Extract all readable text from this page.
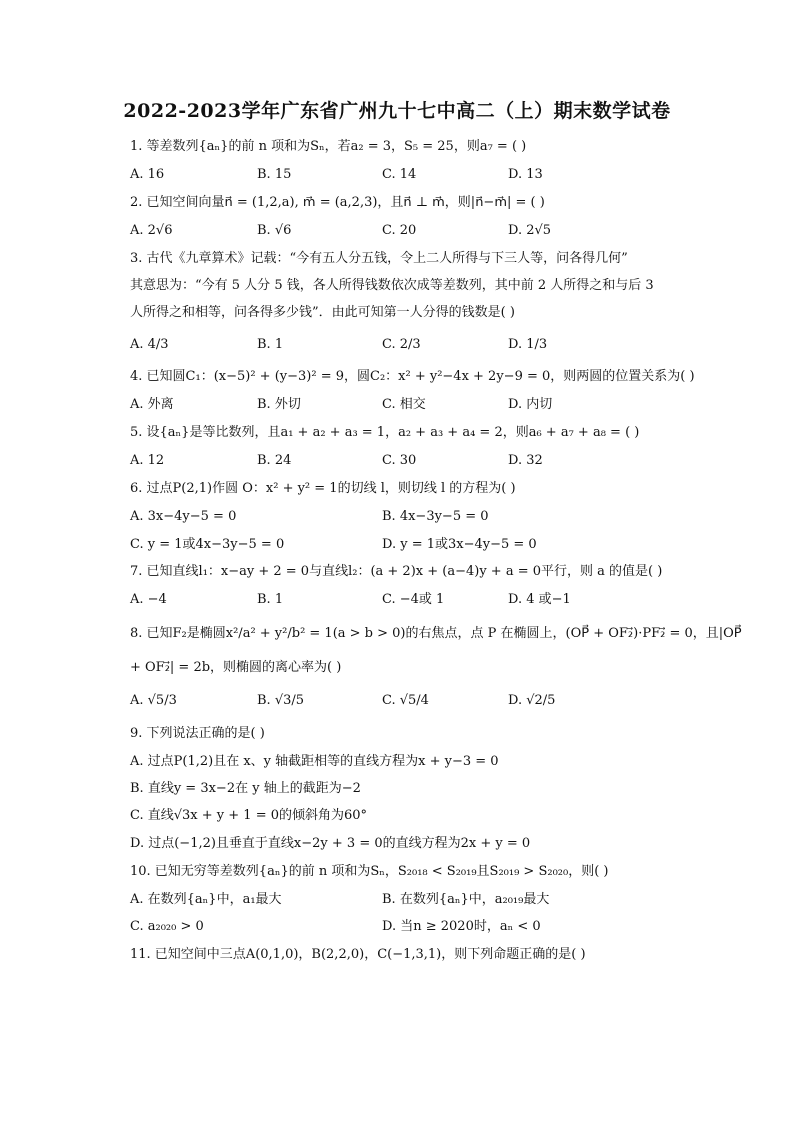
2022-2023学年广东省广州九十七中高二（上）期末数学试卷
1. 等差数列{aₙ}的前 n 项和为Sₙ，若a₂ = 3，S₅ = 25，则a₇ = ( )
A. 16	B. 15	C. 14	D. 13
2. 已知空间向量n⃗ = (1,2,a), m⃗ = (a,2,3)，且n⃗ ⊥ m⃗，则|n⃗−m⃗| = ( )
A. 2√6	B. √6	C. 20	D. 2√5
3. 古代《九章算术》记载：“今有五人分五钱，令上二人所得与下三人等，问各得几何”
其意思为：“今有 5 人分 5 钱，各人所得钱数依次成等差数列，其中前 2 人所得之和与后 3
人所得之和相等，问各得多少钱”．由此可知第一人分得的钱数是( )
A. 4/3	B. 1	C. 2/3	D. 1/3
4. 已知圆C₁：(x−5)² + (y−3)² = 9，圆C₂：x² + y²−4x + 2y−9 = 0，则两圆的位置关系为( )
A. 外离	B. 外切	C. 相交	D. 内切
5. 设{aₙ}是等比数列，且a₁ + a₂ + a₃ = 1，a₂ + a₃ + a₄ = 2，则a₆ + a₇ + a₈ = ( )
A. 12	B. 24	C. 30	D. 32
6. 过点P(2,1)作圆 O：x² + y² = 1的切线 l，则切线 l 的方程为( )
A. 3x−4y−5 = 0	B. 4x−3y−5 = 0
C. y = 1或4x−3y−5 = 0	D. y = 1或3x−4y−5 = 0
7. 已知直线l₁：x−ay + 2 = 0与直线l₂：(a + 2)x + (a−4)y + a = 0平行，则 a 的值是( )
A. −4	B. 1	C. −4或 1	D. 4 或−1
8. 已知F₂是椭圆x²/a² + y²/b² = 1(a > b > 0)的右焦点，点 P 在椭圆上，(OP⃗ + OF₂⃗)·PF₂⃗ = 0，且|OP⃗
+ OF₂⃗| = 2b，则椭圆的离心率为( )
A. √5/3	B. √3/5	C. √5/4	D. √2/5
9. 下列说法正确的是( )
A. 过点P(1,2)且在 x、y 轴截距相等的直线方程为x + y−3 = 0
B. 直线y = 3x−2在 y 轴上的截距为−2
C. 直线√3x + y + 1 = 0的倾斜角为60°
D. 过点(−1,2)且垂直于直线x−2y + 3 = 0的直线方程为2x + y = 0
10. 已知无穷等差数列{aₙ}的前 n 项和为Sₙ，S₂₀₁₈ < S₂₀₁₉且S₂₀₁₉ > S₂₀₂₀，则( )
A. 在数列{aₙ}中，a₁最大	B. 在数列{aₙ}中，a₂₀₁₉最大
C. a₂₀₂₀ > 0	D. 当n ≥ 2020时，aₙ < 0
11. 已知空间中三点A(0,1,0)，B(2,2,0)，C(−1,3,1)，则下列命题正确的是( )
